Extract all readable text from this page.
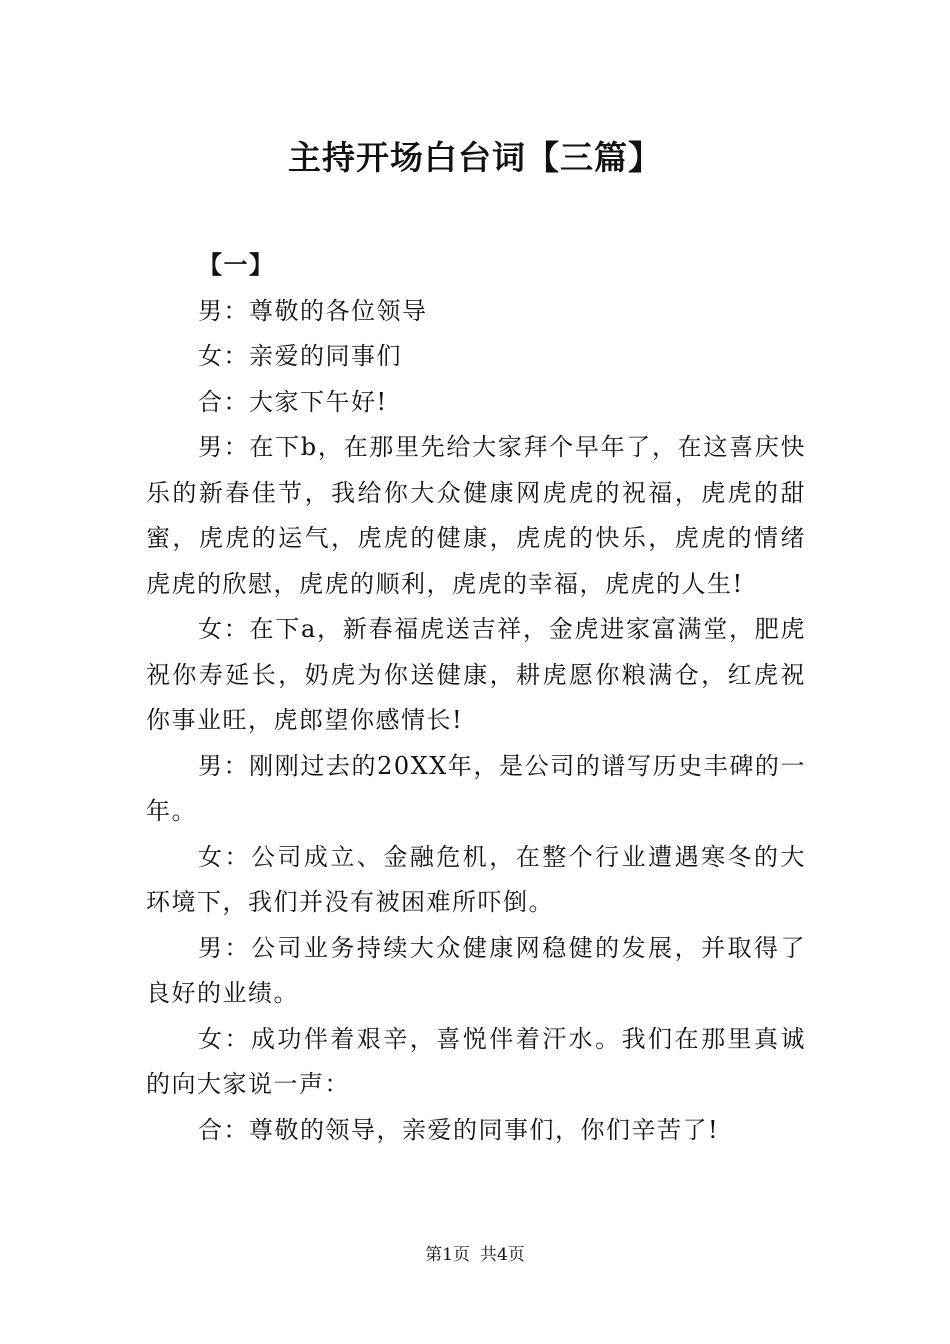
主持开场白台词【三篇】

【一】

男：尊敬的各位领导

女：亲爱的同事们

合：大家下午好!

男：在下b，在那里先给大家拜个早年了，在这喜庆快乐的新春佳节，我给你大众健康网虎虎的祝福，虎虎的甜蜜，虎虎的运气，虎虎的健康，虎虎的快乐，虎虎的情绪虎虎的欣慰，虎虎的顺利，虎虎的幸福，虎虎的人生!

女：在下a，新春福虎送吉祥，金虎进家富满堂，肥虎祝你寿延长，奶虎为你送健康，耕虎愿你粮满仓，红虎祝你事业旺，虎郎望你感情长!

男：刚刚过去的20XX年，是公司的谱写历史丰碑的一年。

女：公司成立、金融危机，在整个行业遭遇寒冬的大环境下，我们并没有被困难所吓倒。

男：公司业务持续大众健康网稳健的发展，并取得了良好的业绩。

女：成功伴着艰辛，喜悦伴着汗水。我们在那里真诚的向大家说一声：

合：尊敬的领导，亲爱的同事们，你们辛苦了!

第1页 共4页
